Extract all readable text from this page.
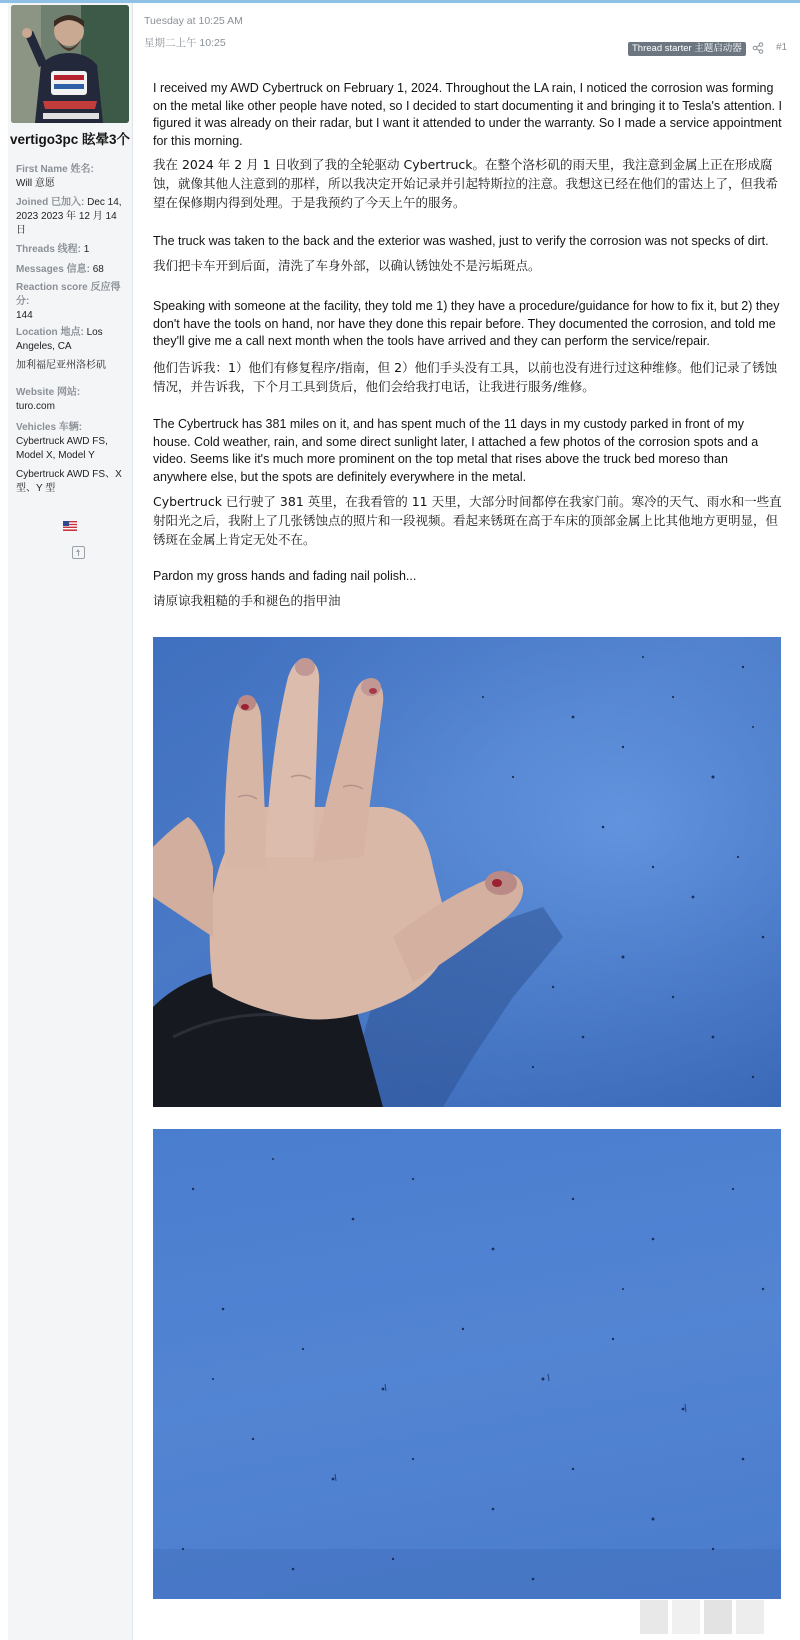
vertigo3pc 眩晕3个
First Name 姓名:
Will 意愿
Joined 已加入: Dec 14, 2023 2023 年 12 月 14 日
Threads 线程: 1
Messages 信息: 68
Reaction score 反应得分:
144
Location 地点: Los Angeles, CA
加利福尼亚州洛杉矶
Website 网站:
turo.com
Vehicles 车辆:
Cybertruck AWD FS, Model X, Model Y
Cybertruck AWD FS、X 型、Y 型
Tuesday at 10:25 AM
星期二上午 10:25	Thread starter 主题启动器	#1
I received my AWD Cybertruck on February 1, 2024. Throughout the LA rain, I noticed the corrosion was forming on the metal like other people have noted, so I decided to start documenting it and bringing it to Tesla's attention. I figured it was already on their radar, but I want it attended to under the warranty. So I made a service appointment for this morning.
我在 2024 年 2 月 1 日收到了我的全轮驱动 Cybertruck。在整个洛杉矶的雨天里，我注意到金属上正在形成腐蚀，就像其他人注意到的那样，所以我决定开始记录并引起特斯拉的注意。我想这已经在他们的雷达上了，但我希望在保修期内得到处理。于是我预约了今天上午的服务。
The truck was taken to the back and the exterior was washed, just to verify the corrosion was not specks of dirt.
我们把卡车开到后面，清洗了车身外部，以确认锈蚀处不是污垢斑点。
Speaking with someone at the facility, they told me 1) they have a procedure/guidance for how to fix it, but 2) they don't have the tools on hand, nor have they done this repair before. They documented the corrosion, and told me they'll give me a call next month when the tools have arrived and they can perform the service/repair.
他们告诉我：1）他们有修复程序/指南，但 2）他们手头没有工具，以前也没有进行过这种维修。他们记录了锈蚀情况，并告诉我，下个月工具到货后，他们会给我打电话，让我进行服务/维修。
The Cybertruck has 381 miles on it, and has spent much of the 11 days in my custody parked in front of my house. Cold weather, rain, and some direct sunlight later, I attached a few photos of the corrosion spots and a video. Seems like it's much more prominent on the top metal that rises above the truck bed moreso than anywhere else, but the spots are definitely everywhere in the metal.
Cybertruck 已行驶了 381 英里，在我看管的 11 天里，大部分时间都停在我家门前。寒冷的天气、雨水和一些直射阳光之后，我附上了几张锈蚀点的照片和一段视频。看起来锈斑在高于车床的顶部金属上比其他地方更明显，但锈斑在金属上肯定无处不在。
Pardon my gross hands and fading nail polish...
请原谅我粗糙的手和褪色的指甲油
